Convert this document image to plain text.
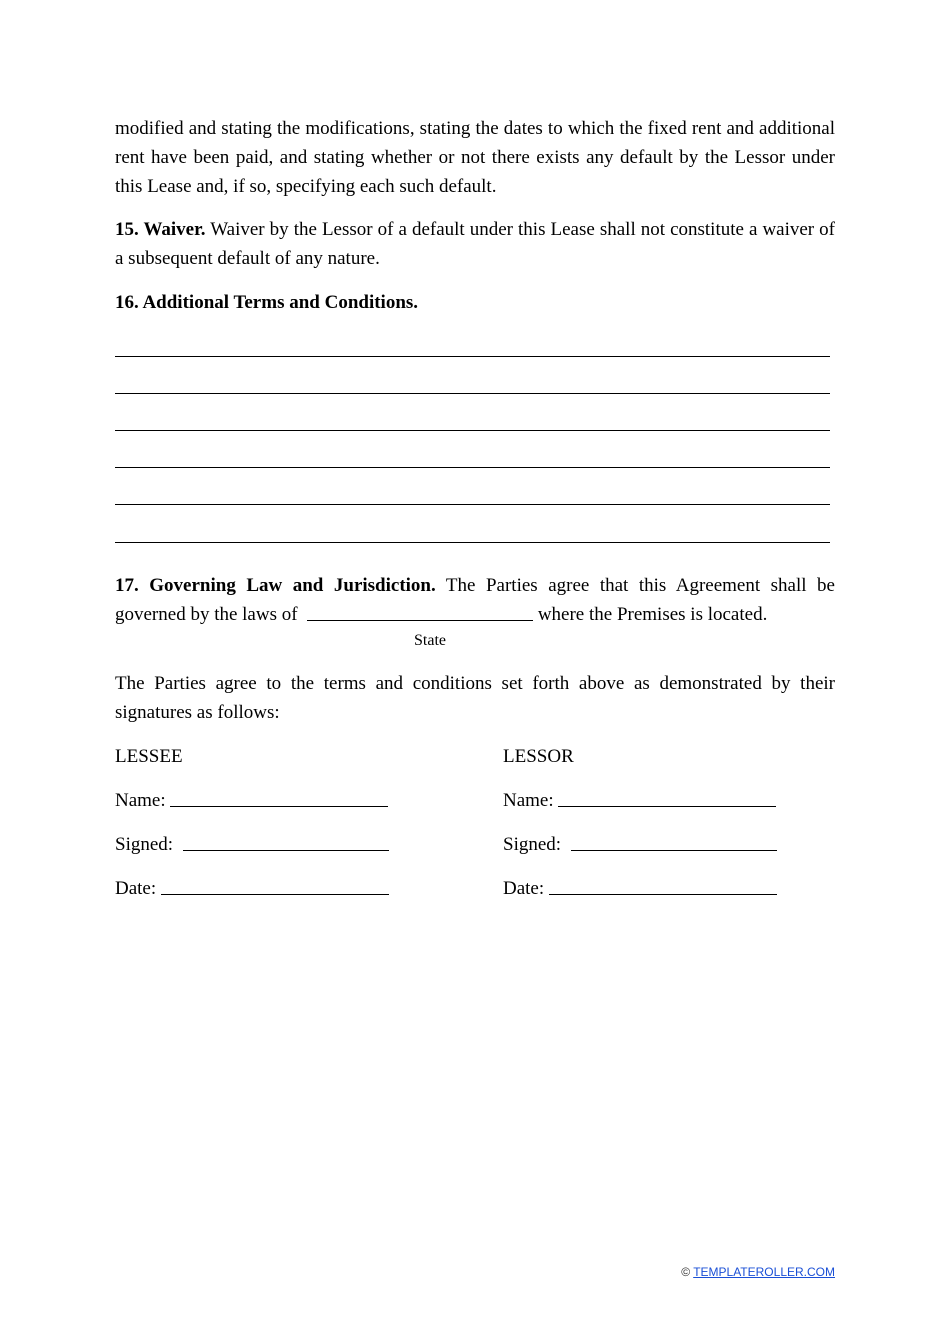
modified and stating the modifications, stating the dates to which the fixed rent and additional rent have been paid, and stating whether or not there exists any default by the Lessor under this Lease and, if so, specifying each such default.

15. Waiver. Waiver by the Lessor of a default under this Lease shall not constitute a waiver of a subsequent default of any nature.

16. Additional Terms and Conditions.

17. Governing Law and Jurisdiction. The Parties agree that this Agreement shall be governed by the laws of	where the Premises is located.

State

The Parties agree to the terms and conditions set forth above as demonstrated by their signatures as follows:

LESSEE
Name:
Signed:
Date:
LESSOR
Name:
Signed:
Date:
© TEMPLATEROLLER.COM
